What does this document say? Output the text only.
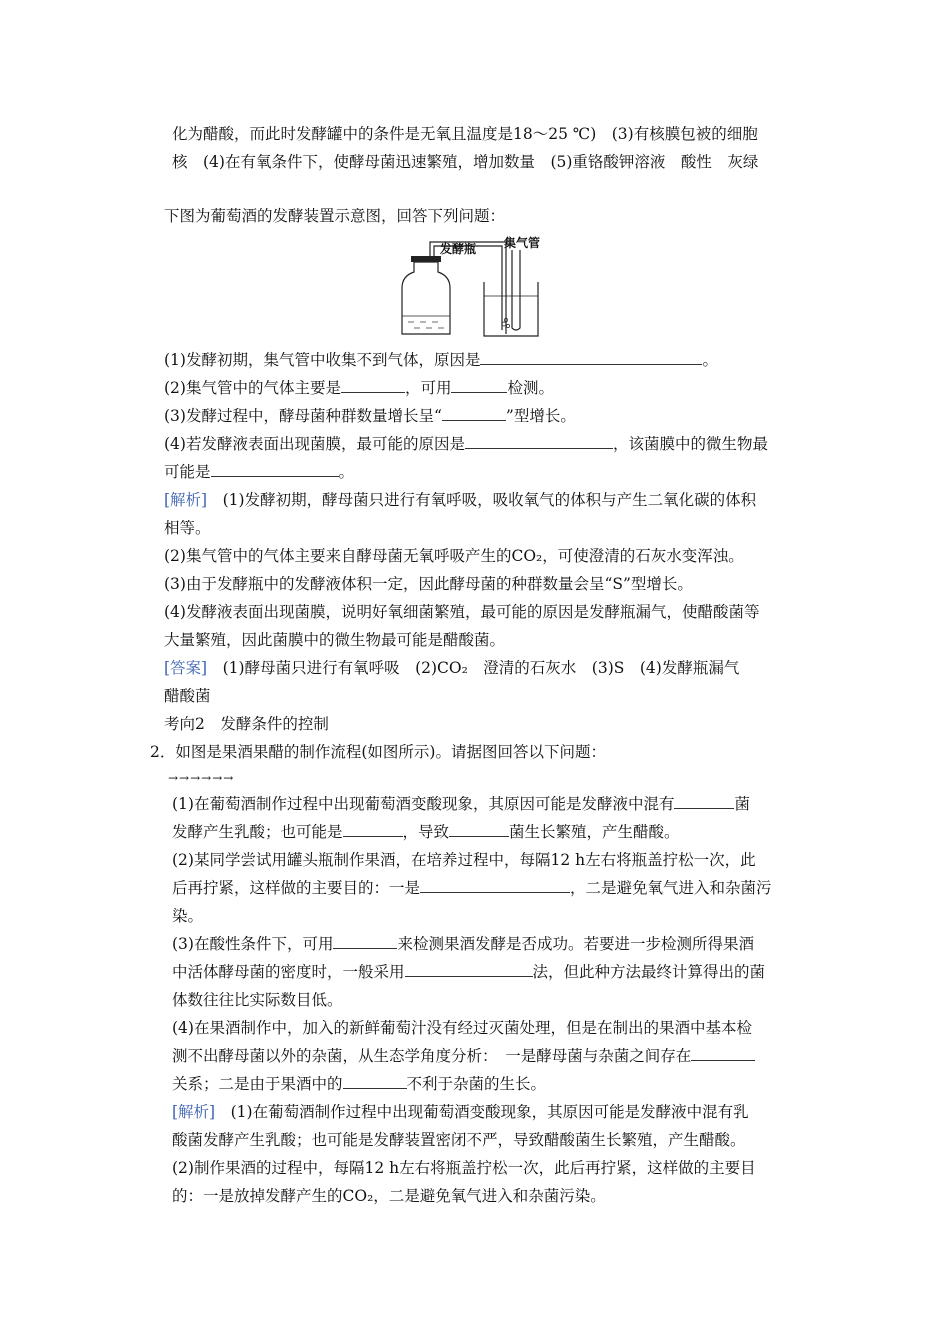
化为醋酸，而此时发酵罐中的条件是无氧且温度是18～25 ℃)　(3)有核膜包被的细胞
核　(4)在有氧条件下，使酵母菌迅速繁殖，增加数量　(5)重铬酸钾溶液　酸性　灰绿
下图为葡萄酒的发酵装置示意图，回答下列问题：
发酵瓶 集气管
(1)发酵初期，集气管中收集不到气体，原因是	。
(2)集气管中的气体主要是	，可用	检测。
(3)发酵过程中，酵母菌种群数量增长呈“	”型增长。
(4)若发酵液表面出现菌膜，最可能的原因是	，该菌膜中的微生物最
可能是	。
[解析]　(1)发酵初期，酵母菌只进行有氧呼吸，吸收氧气的体积与产生二氧化碳的体积
相等。
(2)集气管中的气体主要来自酵母菌无氧呼吸产生的CO₂，可使澄清的石灰水变浑浊。
(3)由于发酵瓶中的发酵液体积一定，因此酵母菌的种群数量会呈“S”型增长。
(4)发酵液表面出现菌膜，说明好氧细菌繁殖，最可能的原因是发酵瓶漏气，使醋酸菌等
大量繁殖，因此菌膜中的微生物最可能是醋酸菌。
[答案]　(1)酵母菌只进行有氧呼吸　(2)CO₂　澄清的石灰水　(3)S　(4)发酵瓶漏气
醋酸菌
考向2　发酵条件的控制
2．如图是果酒果醋的制作流程(如图所示)。请据图回答以下问题：
→→→→→→
(1)在葡萄酒制作过程中出现葡萄酒变酸现象，其原因可能是发酵液中混有	菌
发酵产生乳酸；也可能是	，导致	菌生长繁殖，产生醋酸。
(2)某同学尝试用罐头瓶制作果酒，在培养过程中，每隔12 h左右将瓶盖拧松一次，此
后再拧紧，这样做的主要目的：一是	，二是避免氧气进入和杂菌污
染。
(3)在酸性条件下，可用	来检测果酒发酵是否成功。若要进一步检测所得果酒
中活体酵母菌的密度时，一般采用	法，但此种方法最终计算得出的菌
体数往往比实际数目低。
(4)在果酒制作中，加入的新鲜葡萄汁没有经过灭菌处理，但是在制出的果酒中基本检
测不出酵母菌以外的杂菌，从生态学角度分析：　一是酵母菌与杂菌之间存在
关系；二是由于果酒中的	不利于杂菌的生长。
[解析]　(1)在葡萄酒制作过程中出现葡萄酒变酸现象，其原因可能是发酵液中混有乳
酸菌发酵产生乳酸；也可能是发酵装置密闭不严，导致醋酸菌生长繁殖，产生醋酸。
(2)制作果酒的过程中，每隔12 h左右将瓶盖拧松一次，此后再拧紧，这样做的主要目
的：一是放掉发酵产生的CO₂，二是避免氧气进入和杂菌污染。
